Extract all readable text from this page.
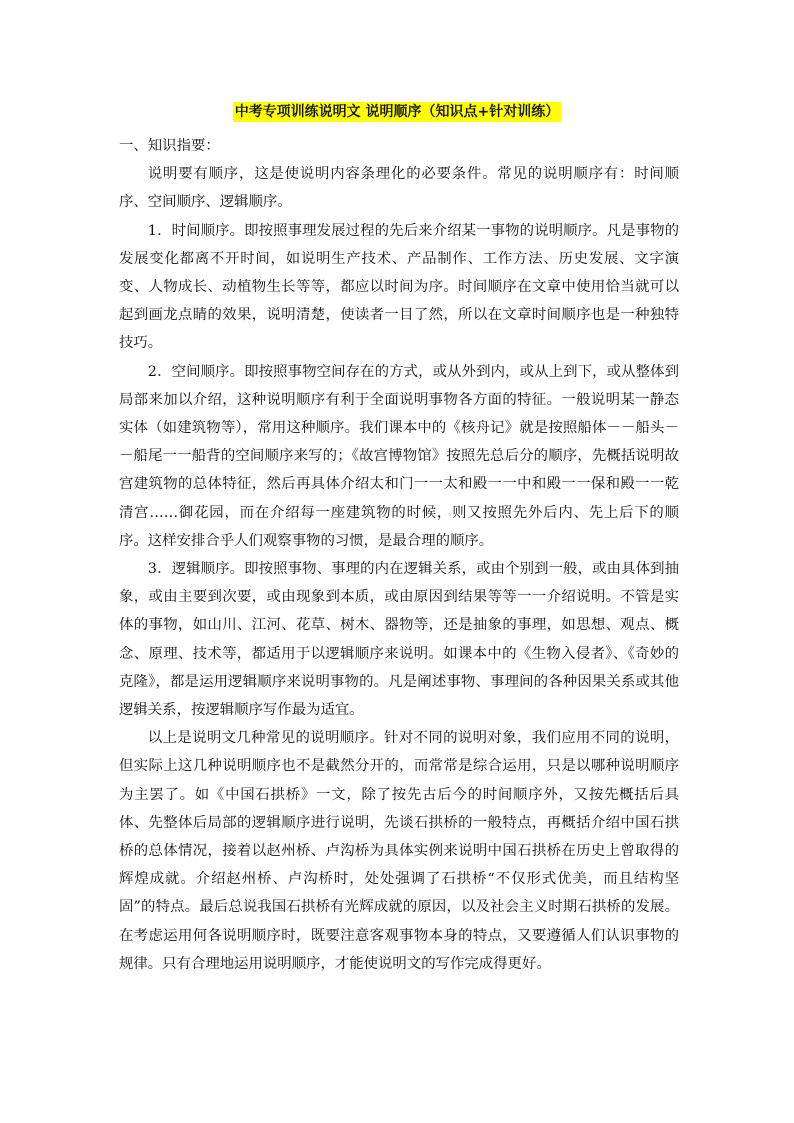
中考专项训练说明文 说明顺序（知识点+针对训练）

一、知识指要：

说明要有顺序，这是使说明内容条理化的必要条件。常见的说明顺序有：时间顺序、空间顺序、逻辑顺序。

1．时间顺序。即按照事理发展过程的先后来介绍某一事物的说明顺序。凡是事物的发展变化都离不开时间，如说明生产技术、产品制作、工作方法、历史发展、文字演变、人物成长、动植物生长等等，都应以时间为序。时间顺序在文章中使用恰当就可以起到画龙点睛的效果，说明清楚，使读者一目了然，所以在文章时间顺序也是一种独特技巧。

2．空间顺序。即按照事物空间存在的方式，或从外到内，或从上到下，或从整体到局部来加以介绍，这种说明顺序有利于全面说明事物各方面的特征。一般说明某一静态实体（如建筑物等），常用这种顺序。我们课本中的《核舟记》就是按照船体－－船头－－船尾一一船背的空间顺序来写的；《故宫博物馆》按照先总后分的顺序，先概括说明故宫建筑物的总体特征，然后再具体介绍太和门一一太和殿一一中和殿一一保和殿一一乾清宫……御花园，而在介绍每一座建筑物的时候，则又按照先外后内、先上后下的顺序。这样安排合乎人们观察事物的习惯，是最合理的顺序。

3．逻辑顺序。即按照事物、事理的内在逻辑关系，或由个别到一般，或由具体到抽象，或由主要到次要，或由现象到本质，或由原因到结果等等一一介绍说明。不管是实体的事物，如山川、江河、花草、树木、器物等，还是抽象的事理，如思想、观点、概念、原理、技术等，都适用于以逻辑顺序来说明。如课本中的《生物入侵者》、《奇妙的克隆》，都是运用逻辑顺序来说明事物的。凡是阐述事物、事理间的各种因果关系或其他逻辑关系，按逻辑顺序写作最为适宜。

以上是说明文几种常见的说明顺序。针对不同的说明对象，我们应用不同的说明，但实际上这几种说明顺序也不是截然分开的，而常常是综合运用，只是以哪种说明顺序为主罢了。如《中国石拱桥》一文，除了按先古后今的时间顺序外，又按先概括后具体、先整体后局部的逻辑顺序进行说明，先谈石拱桥的一般特点，再概括介绍中国石拱桥的总体情况，接着以赵州桥、卢沟桥为具体实例来说明中国石拱桥在历史上曾取得的辉煌成就。介绍赵州桥、卢沟桥时，处处强调了石拱桥“不仅形式优美，而且结构坚固”的特点。最后总说我国石拱桥有光辉成就的原因，以及社会主义时期石拱桥的发展。在考虑运用何各说明顺序时，既要注意客观事物本身的特点，又要遵循人们认识事物的规律。只有合理地运用说明顺序，才能使说明文的写作完成得更好。
